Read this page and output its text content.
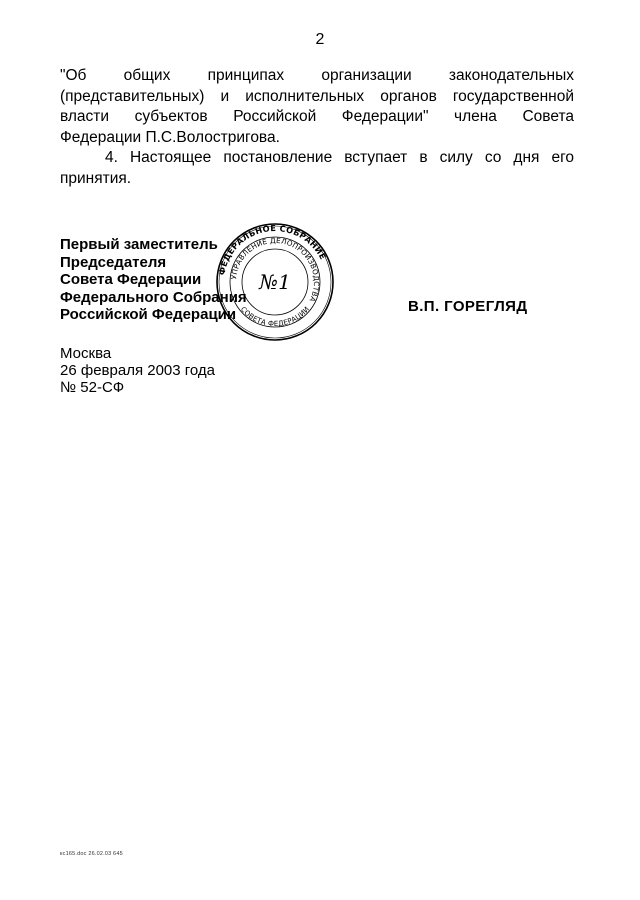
2
"Об общих принципах организации законодательных
(представительных) и исполнительных органов государственной
власти субъектов Российской Федерации" члена Совета
Федерации П.С.Волостригова.
4. Настоящее постановление вступает в силу со дня его
принятия.
Первый заместитель
Председателя
Совета Федерации
Федерального Собрания
Российской Федерации
ФЕДЕРАЛЬНОЕ СОБРАНИЕ
УПРАВЛЕНИЕ ДЕЛОПРОИЗВОДСТВА
СОВЕТА ФЕДЕРАЦИИ
№1
В.П. ГОРЕГЛЯД
Москва
26 февраля 2003 года
№ 52-СФ
кс165.doc 26.02.03 645
